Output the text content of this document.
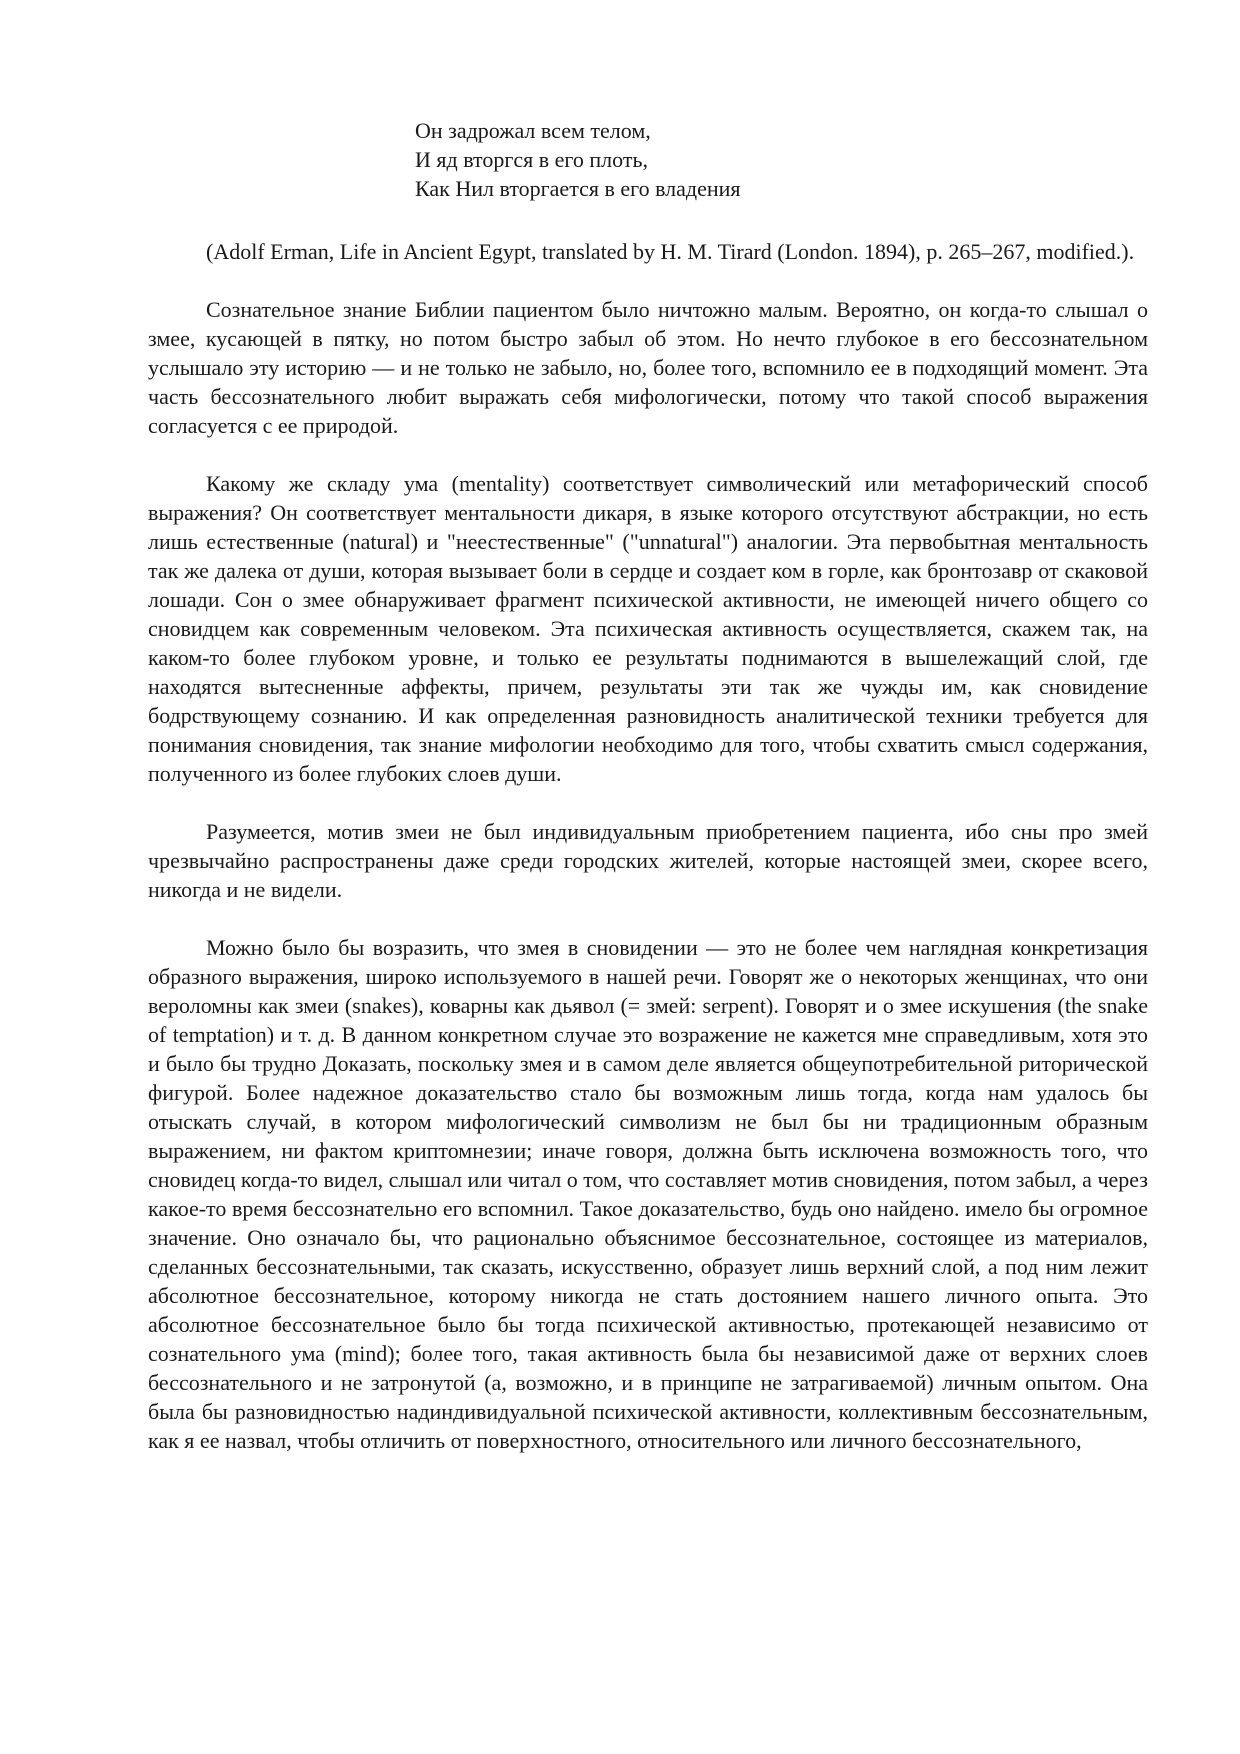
Он задрожал всем телом,
И яд вторгся в его плоть,
Как Нил вторгается в его владения

(Adolf Erman, Life in Ancient Egypt, translated by H. M. Tirard (London. 1894), p. 265–267, modified.).

Сознательное знание Библии пациентом было ничтожно малым. Вероятно, он когда-то слышал о змее, кусающей в пятку, но потом быстро забыл об этом. Но нечто глубокое в его бессознательном услышало эту историю — и не только не забыло, но, более того, вспомнило ее в подходящий момент. Эта часть бессознательного любит выражать себя мифологически, потому что такой способ выражения согласуется с ее природой.

Какому же складу ума (mentality) соответствует символический или метафорический способ выражения? Он соответствует ментальности дикаря, в языке которого отсутствуют абстракции, но есть лишь естественные (natural) и "неестественные" ("unnatural") аналогии. Эта первобытная ментальность так же далека от души, которая вызывает боли в сердце и создает ком в горле, как бронтозавр от скаковой лошади. Сон о змее обнаруживает фрагмент психической активности, не имеющей ничего общего со сновидцем как современным человеком. Эта психическая активность осуществляется, скажем так, на каком-то более глубоком уровне, и только ее результаты поднимаются в вышележащий слой, где находятся вытесненные аффекты, причем, результаты эти так же чужды им, как сновидение бодрствующему сознанию. И как определенная разновидность аналитической техники требуется для понимания сновидения, так знание мифологии необходимо для того, чтобы схватить смысл содержания, полученного из более глубоких слоев души.

Разумеется, мотив змеи не был индивидуальным приобретением пациента, ибо сны про змей чрезвычайно распространены даже среди городских жителей, которые настоящей змеи, скорее всего, никогда и не видели.

Можно было бы возразить, что змея в сновидении — это не более чем наглядная конкретизация образного выражения, широко используемого в нашей речи. Говорят же о некоторых женщинах, что они вероломны как змеи (snakes), коварны как дьявол (= змей: serpent). Говорят и о змее искушения (the snake of temptation) и т. д. В данном конкретном случае это возражение не кажется мне справедливым, хотя это и было бы трудно Доказать, поскольку змея и в самом деле является общеупотребительной риторической фигурой. Более надежное доказательство стало бы возможным лишь тогда, когда нам удалось бы отыскать случай, в котором мифологический символизм не был бы ни традиционным образным выражением, ни фактом криптомнезии; иначе говоря, должна быть исключена возможность того, что сновидец когда-то видел, слышал или читал о том, что составляет мотив сновидения, потом забыл, а через какое-то время бессознательно его вспомнил. Такое доказательство, будь оно найдено. имело бы огромное значение. Оно означало бы, что рационально объяснимое бессознательное, состоящее из материалов, сделанных бессознательными, так сказать, искусственно, образует лишь верхний слой, а под ним лежит абсолютное бессознательное, которому никогда не стать достоянием нашего личного опыта. Это абсолютное бессознательное было бы тогда психической активностью, протекающей независимо от сознательного ума (mind); более того, такая активность была бы независимой даже от верхних слоев бессознательного и не затронутой (а, возможно, и в принципе не затрагиваемой) личным опытом. Она была бы разновидностью надиндивидуальной психической активности, коллективным бессознательным, как я ее назвал, чтобы отличить от поверхностного, относительного или личного бессознательного,
